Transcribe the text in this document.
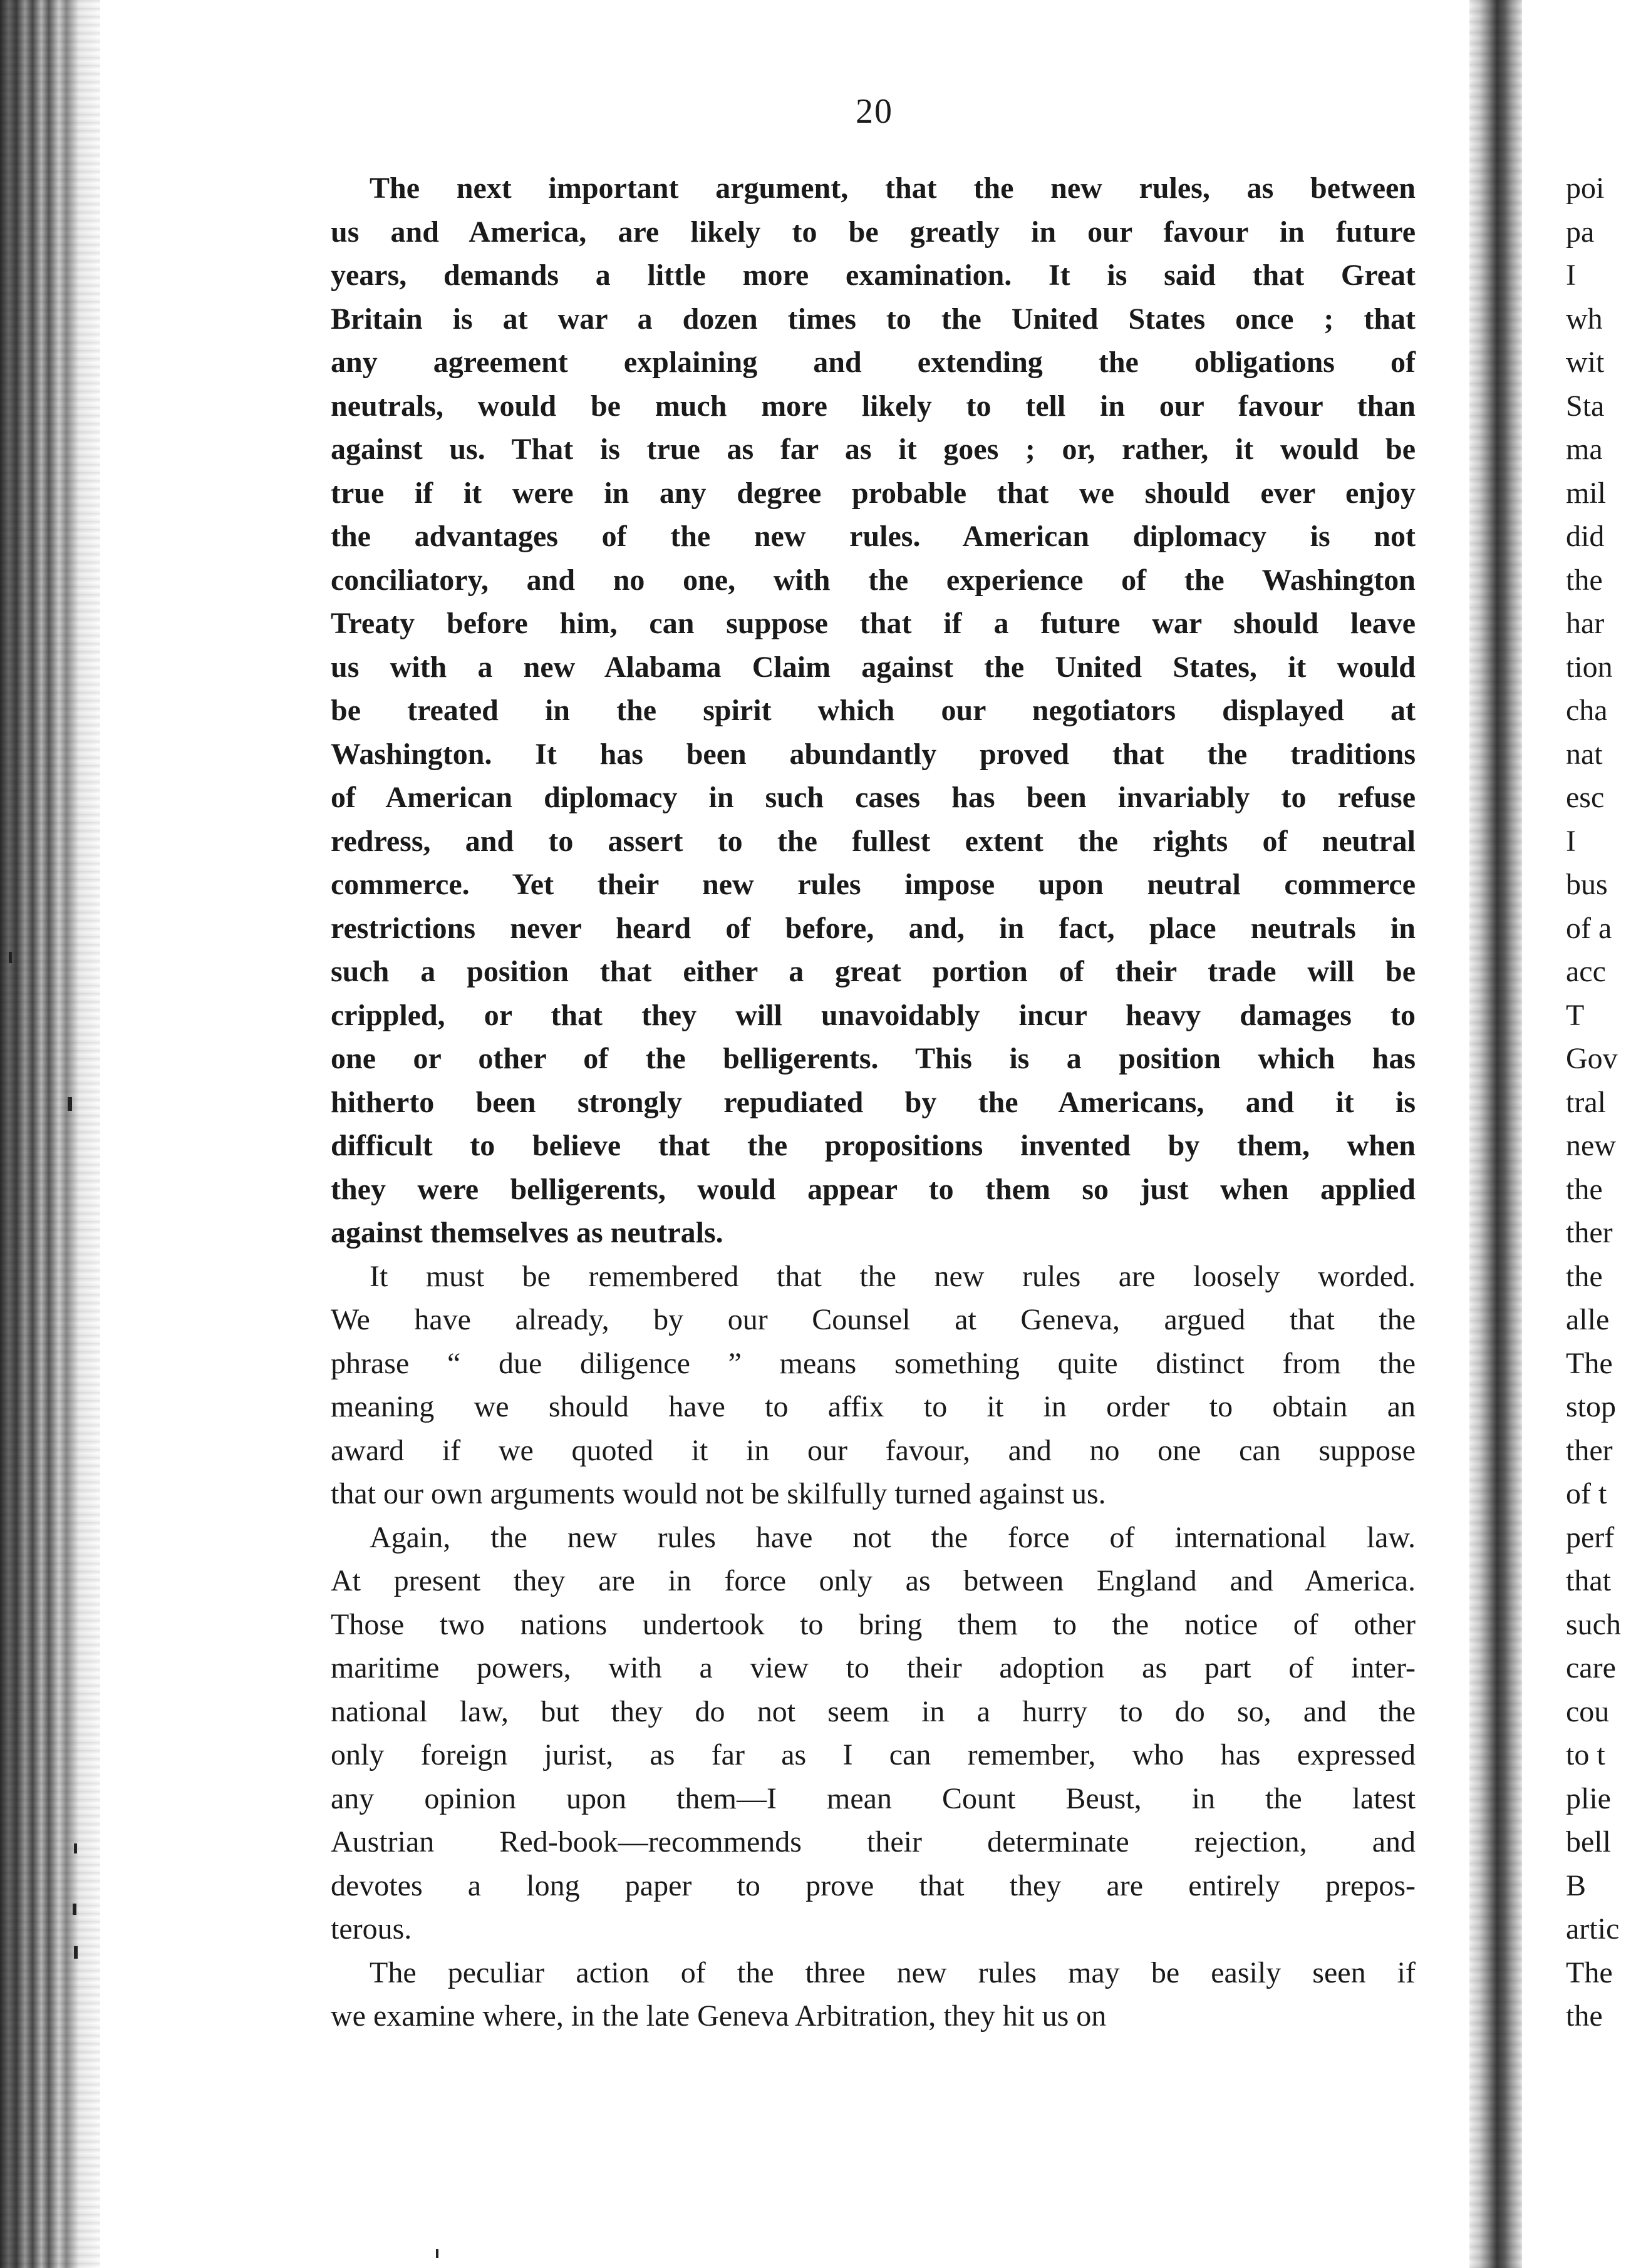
20

The next important argument, that the new rules, as between
us and America, are likely to be greatly in our favour in future
years, demands a little more examination. It is said that Great
Britain is at war a dozen times to the United States once ; that
any agreement explaining and extending the obligations of
neutrals, would be much more likely to tell in our favour than
against us. That is true as far as it goes ; or, rather, it would be
true if it were in any degree probable that we should ever enjoy
the advantages of the new rules. American diplomacy is not
conciliatory, and no one, with the experience of the Washington
Treaty before him, can suppose that if a future war should leave
us with a new Alabama Claim against the United States, it would
be treated in the spirit which our negotiators displayed at
Washington. It has been abundantly proved that the traditions
of American diplomacy in such cases has been invariably to refuse
redress, and to assert to the fullest extent the rights of neutral
commerce. Yet their new rules impose upon neutral commerce
restrictions never heard of before, and, in fact, place neutrals in
such a position that either a great portion of their trade will be
crippled, or that they will unavoidably incur heavy damages to
one or other of the belligerents. This is a position which has
hitherto been strongly repudiated by the Americans, and it is
difficult to believe that the propositions invented by them, when
they were belligerents, would appear to them so just when applied
against themselves as neutrals.

It must be remembered that the new rules are loosely worded.
We have already, by our Counsel at Geneva, argued that the
phrase “ due diligence ” means something quite distinct from the
meaning we should have to affix to it in order to obtain an
award if we quoted it in our favour, and no one can suppose
that our own arguments would not be skilfully turned against us.

Again, the new rules have not the force of international law.
At present they are in force only as between England and America.
Those two nations undertook to bring them to the notice of other
maritime powers, with a view to their adoption as part of inter-
national law, but they do not seem in a hurry to do so, and the
only foreign jurist, as far as I can remember, who has expressed
any opinion upon them—I mean Count Beust, in the latest
Austrian Red-book—recommends their determinate rejection, and
devotes a long paper to prove that they are entirely prepos-
terous.

The peculiar action of the three new rules may be easily seen if
we examine where, in the late Geneva Arbitration, they hit us on

poi
pa
I
wh
wit
Sta
ma
mil
did
the
har
tion
cha
nat
esc
I
bus
of a
acc
T
Gov
tral
new
the
ther
the
alle
The
stop
ther
of t
perf
that
such
care
cou
to t
plie
bell
B
artic
The
the
